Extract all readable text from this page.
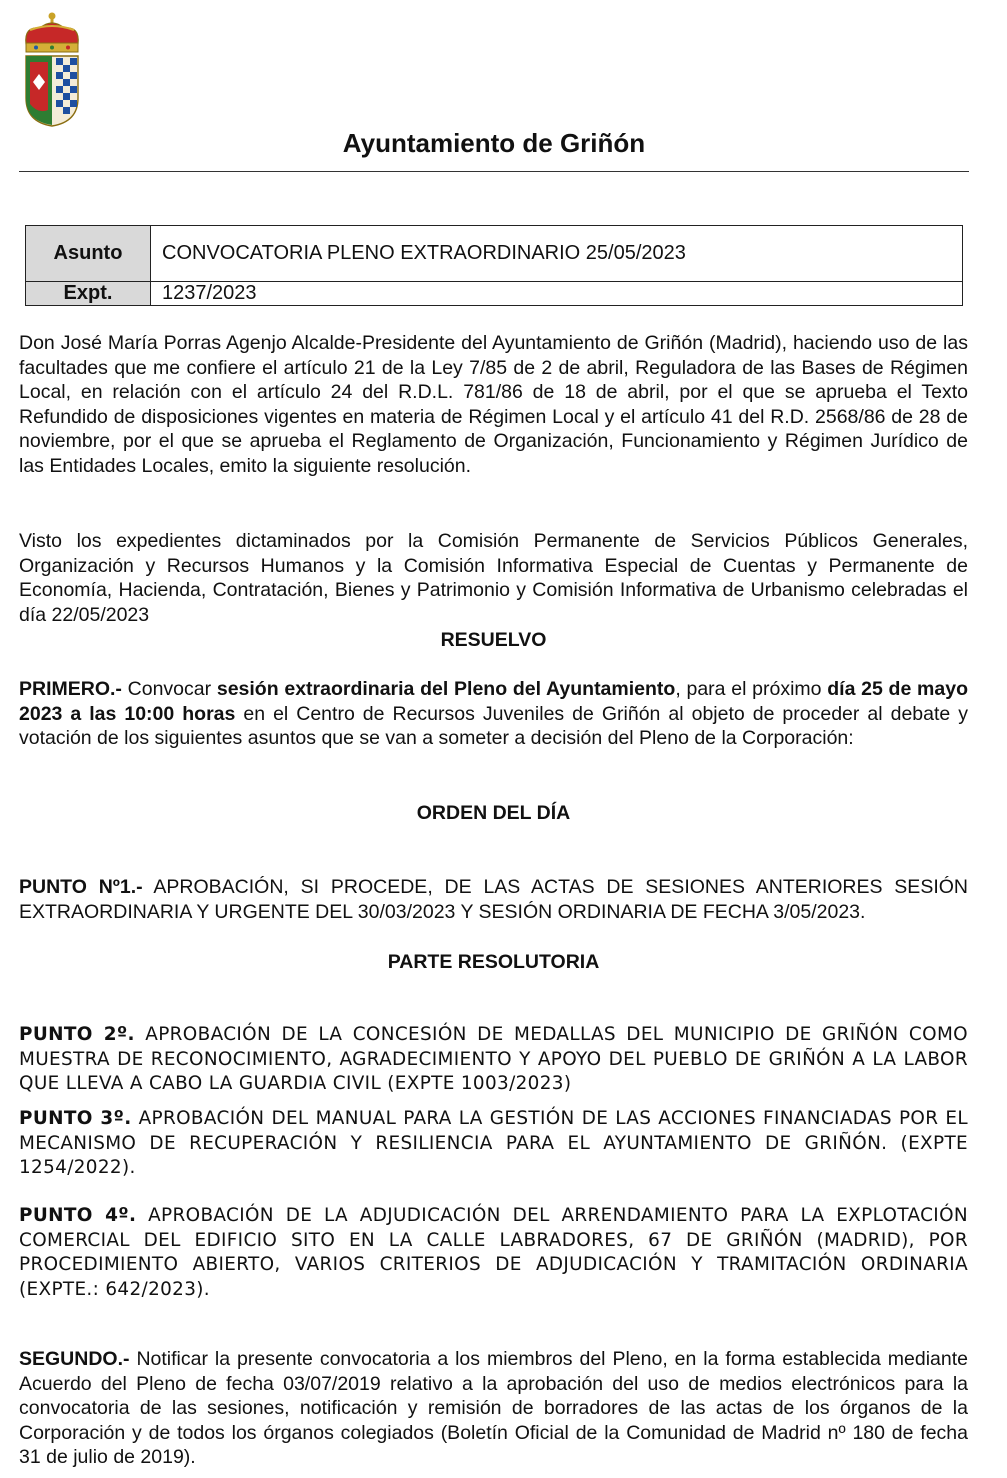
Ayuntamiento de Griñón
Asunto	CONVOCATORIA PLENO EXTRAORDINARIO 25/05/2023
Expt.	1237/2023

Don José María Porras Agenjo Alcalde-Presidente del Ayuntamiento de Griñón (Madrid), haciendo uso de las facultades que me confiere el artículo 21 de la Ley 7/85 de 2 de abril, Reguladora de las Bases de Régimen Local, en relación con el artículo 24 del R.D.L. 781/86 de 18 de abril, por el que se aprueba el Texto Refundido de disposiciones vigentes en materia de Régimen Local y el artículo 41 del R.D. 2568/86 de 28 de noviembre, por el que se aprueba el Reglamento de Organización, Funcionamiento y Régimen Jurídico de las Entidades Locales, emito la siguiente resolución.

Visto los expedientes dictaminados por la Comisión Permanente de Servicios Públicos Generales, Organización y Recursos Humanos y la Comisión Informativa Especial de Cuentas y Permanente de Economía, Hacienda, Contratación, Bienes y Patrimonio y Comisión Informativa de Urbanismo celebradas el día 22/05/2023

RESUELVO

PRIMERO.- Convocar sesión extraordinaria del Pleno del Ayuntamiento, para el próximo día 25 de mayo 2023 a las 10:00 horas en el Centro de Recursos Juveniles de Griñón al objeto de proceder al debate y votación de los siguientes asuntos que se van a someter a decisión del Pleno de la Corporación:

ORDEN DEL DÍA

PUNTO Nº1.- APROBACIÓN, SI PROCEDE, DE LAS ACTAS DE SESIONES ANTERIORES SESIÓN EXTRAORDINARIA Y URGENTE DEL 30/03/2023 Y SESIÓN ORDINARIA DE FECHA 3/05/2023.

PARTE RESOLUTORIA

PUNTO 2º. APROBACIÓN DE LA CONCESIÓN DE MEDALLAS DEL MUNICIPIO DE GRIÑÓN COMO MUESTRA DE RECONOCIMIENTO, AGRADECIMIENTO Y APOYO DEL PUEBLO DE GRIÑÓN A LA LABOR QUE LLEVA A CABO LA GUARDIA CIVIL (EXPTE 1003/2023)

PUNTO 3º. APROBACIÓN DEL MANUAL PARA LA GESTIÓN DE LAS ACCIONES FINANCIADAS POR EL MECANISMO DE RECUPERACIÓN Y RESILIENCIA PARA EL AYUNTAMIENTO DE GRIÑÓN. (EXPTE 1254/2022).

PUNTO 4º. APROBACIÓN DE LA ADJUDICACIÓN DEL ARRENDAMIENTO PARA LA EXPLOTACIÓN COMERCIAL DEL EDIFICIO SITO EN LA CALLE LABRADORES, 67 DE GRIÑÓN (MADRID), POR PROCEDIMIENTO ABIERTO, VARIOS CRITERIOS DE ADJUDICACIÓN Y TRAMITACIÓN ORDINARIA (EXPTE.: 642/2023).

SEGUNDO.- Notificar la presente convocatoria a los miembros del Pleno, en la forma establecida mediante Acuerdo del Pleno de fecha 03/07/2019 relativo a la aprobación del uso de medios electrónicos para la convocatoria de las sesiones, notificación y remisión de borradores de las actas de los órganos de la Corporación y de todos los órganos colegiados (Boletín Oficial de la Comunidad de Madrid nº 180 de fecha 31 de julio de 2019).
